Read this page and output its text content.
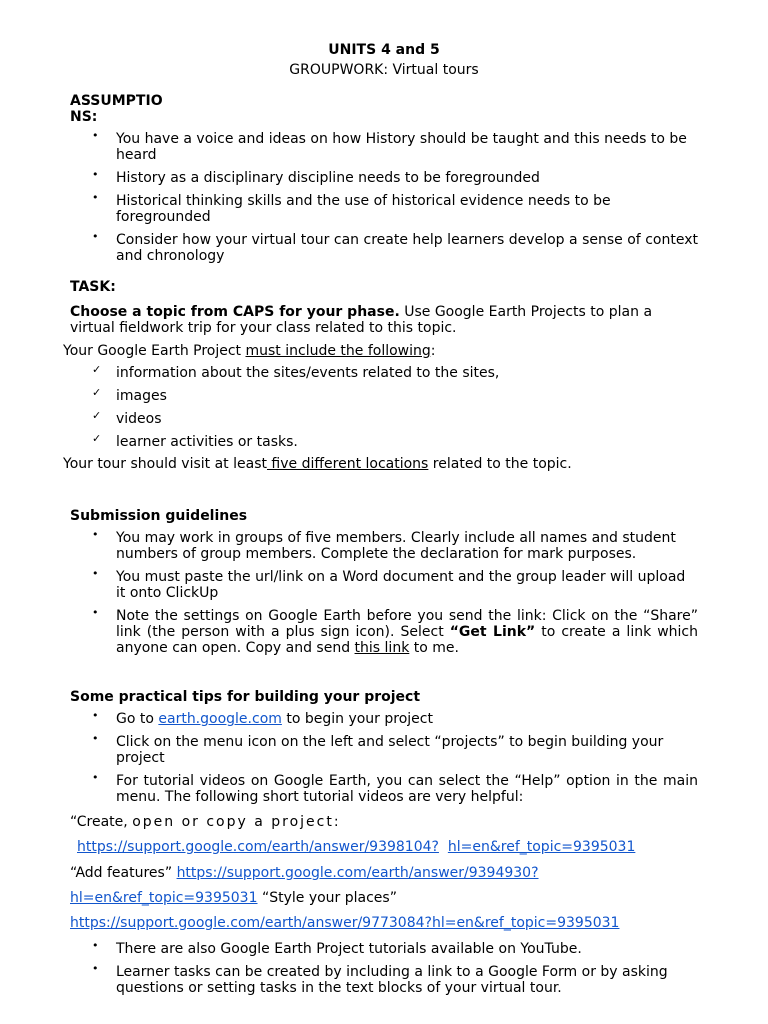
UNITS 4 and 5
GROUPWORK: Virtual tours
ASSUMPTIO
NS:
• You have a voice and ideas on how History should be taught and this needs to be heard
• History as a disciplinary discipline needs to be foregrounded
• Historical thinking skills and the use of historical evidence needs to be foregrounded
• Consider how your virtual tour can create help learners develop a sense of context and chronology
TASK:
Choose a topic from CAPS for your phase. Use Google Earth Projects to plan a virtual fieldwork trip for your class related to this topic.
Your Google Earth Project must include the following:
✓ information about the sites/events related to the sites,
✓ images
✓ videos
✓ learner activities or tasks.
Your tour should visit at least five different locations related to the topic.
Submission guidelines
• You may work in groups of five members. Clearly include all names and student numbers of group members. Complete the declaration for mark purposes.
• You must paste the url/link on a Word document and the group leader will upload it onto ClickUp
• Note the settings on Google Earth before you send the link: Click on the “Share” link (the person with a plus sign icon). Select “Get Link” to create a link which anyone can open. Copy and send this link to me.
Some practical tips for building your project
• Go to earth.google.com to begin your project
• Click on the menu icon on the left and select “projects” to begin building your project
• For tutorial videos on Google Earth, you can select the “Help” option in the main menu. The following short tutorial videos are very helpful:
“Create, open or copy a project:
https://support.google.com/earth/answer/9398104? hl=en&ref_topic=9395031
“Add features” https://support.google.com/earth/answer/9394930?
hl=en&ref_topic=9395031 “Style your places”
https://support.google.com/earth/answer/9773084?hl=en&ref_topic=9395031
• There are also Google Earth Project tutorials available on YouTube.
• Learner tasks can be created by including a link to a Google Form or by asking questions or setting tasks in the text blocks of your virtual tour.
